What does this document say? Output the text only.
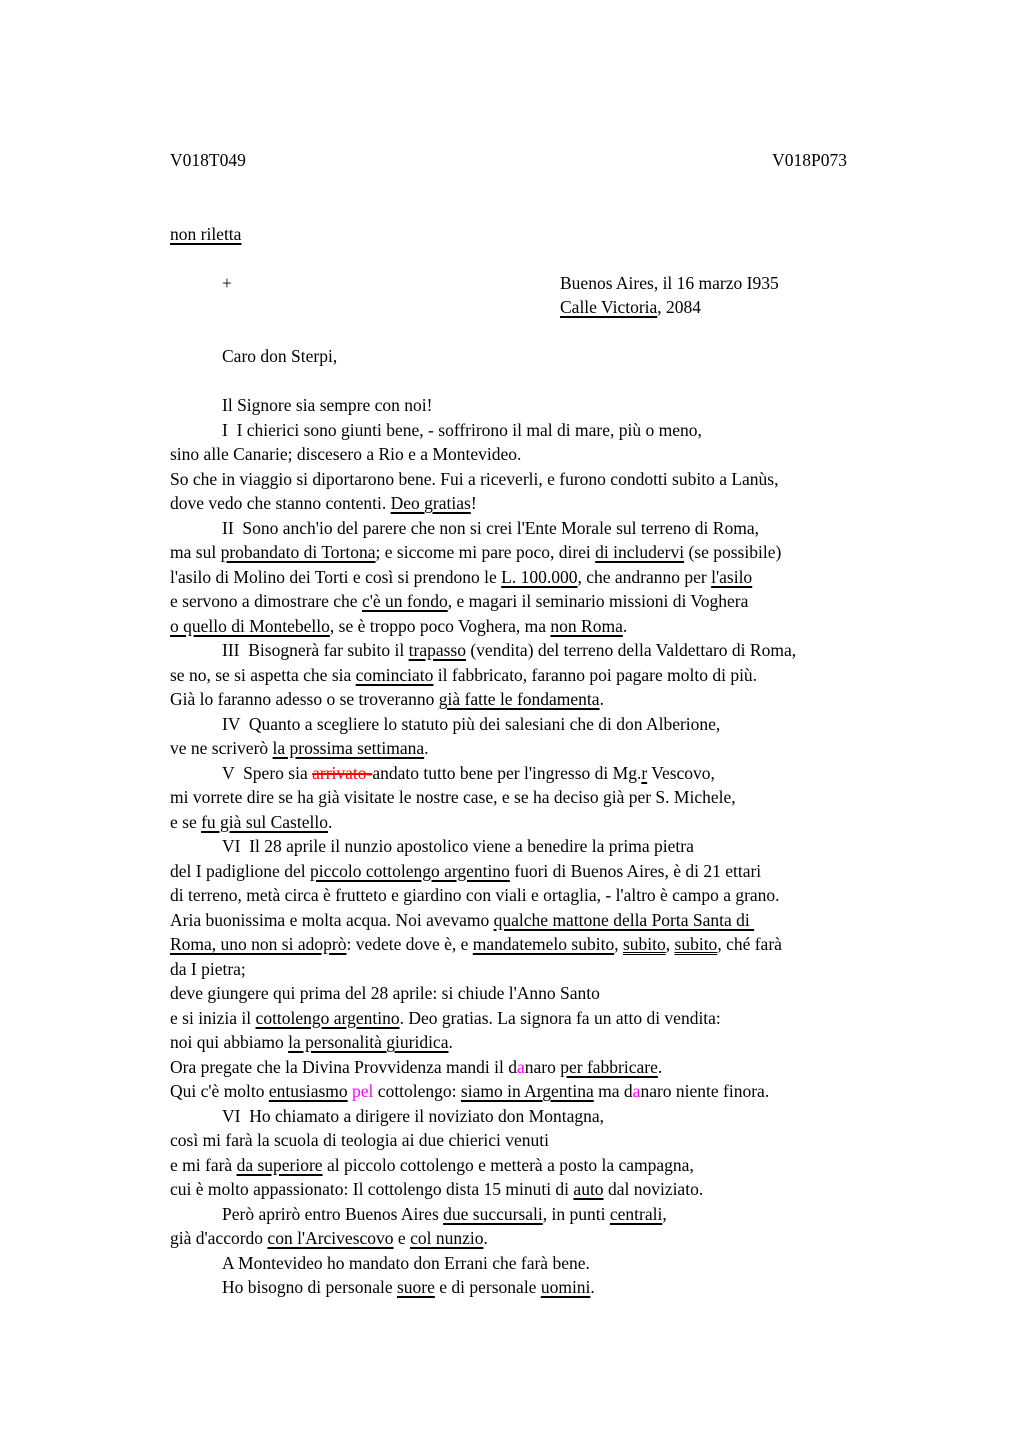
V018T049	V018P073

non riletta

+	Buenos Aires, il 16 marzo I935
Calle Victoria, 2084

Caro don Sterpi,

Il Signore sia sempre con noi!
I  I chierici sono giunti bene, - soffrirono il mal di mare, più o meno,
sino alle Canarie; discesero a Rio e a Montevideo.
So che in viaggio si diportarono bene. Fui a riceverli, e furono condotti subito a Lanùs,
dove vedo che stanno contenti. Deo gratias!
II  Sono anch'io del parere che non si crei l'Ente Morale sul terreno di Roma,
ma sul probandato di Tortona; e siccome mi pare poco, direi di includervi (se possibile)
l'asilo di Molino dei Torti e così si prendono le L. 100.000, che andranno per l'asilo
e servono a dimostrare che c'è un fondo, e magari il seminario missioni di Voghera
o quello di Montebello, se è troppo poco Voghera, ma non Roma.
III  Bisognerà far subito il trapasso (vendita) del terreno della Valdettaro di Roma,
se no, se si aspetta che sia cominciato il fabbricato, faranno poi pagare molto di più.
Già lo faranno adesso o se troveranno già fatte le fondamenta.
IV  Quanto a scegliere lo statuto più dei salesiani che di don Alberione,
ve ne scriverò la prossima settimana.
V  Spero sia arrivato-andato tutto bene per l'ingresso di Mg.r Vescovo,
mi vorrete dire se ha già visitate le nostre case, e se ha deciso già per S. Michele,
e se fu già sul Castello.
VI  Il 28 aprile il nunzio apostolico viene a benedire la prima pietra
del I padiglione del piccolo cottolengo argentino fuori di Buenos Aires, è di 21 ettari
di terreno, metà circa è frutteto e giardino con viali e ortaglia, - l'altro è campo a grano.
Aria buonissima e molta acqua. Noi avevamo qualche mattone della Porta Santa di
Roma, uno non si adoprò: vedete dove è, e mandatemelo subito, subito, subito, ché farà
da I pietra;
deve giungere qui prima del 28 aprile: si chiude l'Anno Santo
e si inizia il cottolengo argentino. Deo gratias. La signora fa un atto di vendita:
noi qui abbiamo la personalità giuridica.
Ora pregate che la Divina Provvidenza mandi il danaro per fabbricare.
Qui c'è molto entusiasmo pel cottolengo: siamo in Argentina ma danaro niente finora.
VI  Ho chiamato a dirigere il noviziato don Montagna,
così mi farà la scuola di teologia ai due chierici venuti
e mi farà da superiore al piccolo cottolengo e metterà a posto la campagna,
cui è molto appassionato: Il cottolengo dista 15 minuti di auto dal noviziato.
Però aprirò entro Buenos Aires due succursali, in punti centrali,
già d'accordo con l'Arcivescovo e col nunzio.
A Montevideo ho mandato don Errani che farà bene.
Ho bisogno di personale suore e di personale uomini.
